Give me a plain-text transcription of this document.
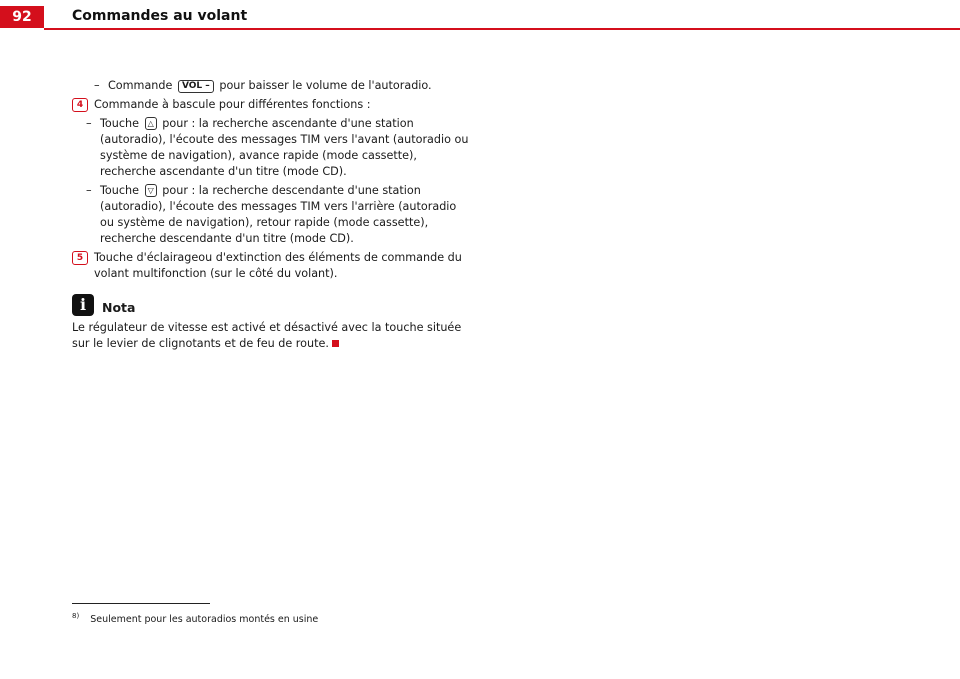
92	Commandes au volant
– Commande VOL – pour baisser le volume de l'autoradio.
4 Commande à bascule pour différentes fonctions :
– Touche △ pour : la recherche ascendante d'une station (autoradio), l'écoute des messages TIM vers l'avant (autoradio ou système de navigation), avance rapide (mode cassette), recherche ascendante d'un titre (mode CD).
– Touche ▽ pour : la recherche descendante d'une station (autoradio), l'écoute des messages TIM vers l'arrière (autoradio ou système de navigation), retour rapide (mode cassette), recherche descendante d'un titre (mode CD).
5 Touche d'éclairageou d'extinction des éléments de commande du volant multifonction (sur le côté du volant).
i	Nota
Le régulateur de vitesse est activé et désactivé avec la touche située sur le levier de clignotants et de feu de route.
$^{8)}$ Seulement pour les autoradios montés en usine
